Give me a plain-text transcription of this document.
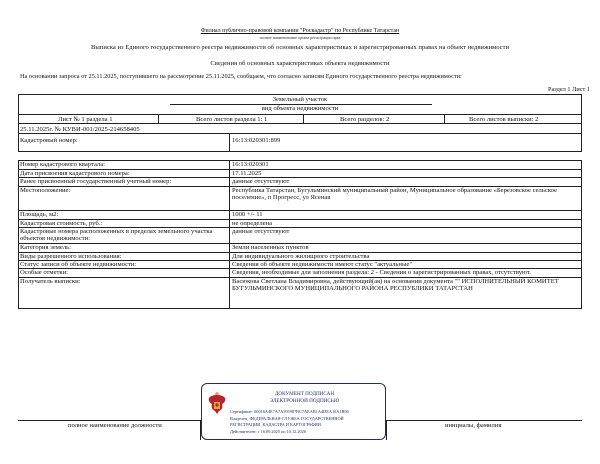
Филиал публично-правовой компании "Роскадастр" по Республике Татарстан
полное наименование органа регистрации прав
Выписка из Единого государственного реестра недвижимости об основных характеристиках и зарегистрированных правах на объект недвижимости
Сведения об основных характеристиках объекта недвижимости
На основании запроса от 25.11.2025, поступившего на рассмотрение 25.11.2025, сообщаем, что согласно записям Единого государственного реестра недвижимости:
Раздел 1 Лист 1
Земельный участок
вид объекта недвижимости
Лист № 1 раздела 1	Всего листов раздела 1: 1	Всего разделов: 2	Всего листов выписки: 2
25.11.2025г. № КУВИ-001/2025-214658405
Кадастровый номер:	16:13:020301:899
Номер кадастрового квартала:	16:13:020301
Дата присвоения кадастрового номера:	17.11.2025
Ранее присвоенный государственный учетный номер:	данные отсутствуют
Местоположение:	Республика Татарстан, Бугульминский муниципальный район, Муниципальное образование «Березовское сельское поселение», п Прогресс, ул Ясеная
Площадь, м2:	1000 +/- 11
Кадастровая стоимость, руб.:	не определена
Кадастровые номера расположенных в пределах земельного участка объектов недвижимости:
данные отсутствуют
Категория земель:	Земли населенных пунктов
Виды разрешенного использования:	Для индивидуального жилищного строительства
Статус записи об объекте недвижимости:	Сведения об объекте недвижимости имеют статус "актуальные"
Особые отметки:	Сведения, необходимые для заполнения раздела: 2 - Сведения о зарегистрированных правах, отсутствуют.
Получатель выписки:	Васюкова Светлана Владимировна, действующий(ая) на основании документа "" ИСПОЛНИТЕЛЬНЫЙ КОМИТЕТ БУГУЛЬМИНСКОГО МУНИЦИПАЛЬНОГО РАЙОНА РЕСПУБЛИКИ ТАТАРСТАН
полное наименование должности	инициалы, фамилия
ДОКУМЕНТ ПОДПИСАН
ЭЛЕКТРОННОЙ ПОДПИСЬЮ
Сертификат: 00016A4E7A7A595987BC7AEAB1A4DEA10A1B96
Владелец: ФЕДЕРАЛЬНАЯ СЛУЖБА ГОСУДАРСТВЕННОЙ
РЕГИСТРАЦИИ, КАДАСТРА И КАРТОГРАФИИ
Действителен: с 16.09.2025 по 10.12.2026
